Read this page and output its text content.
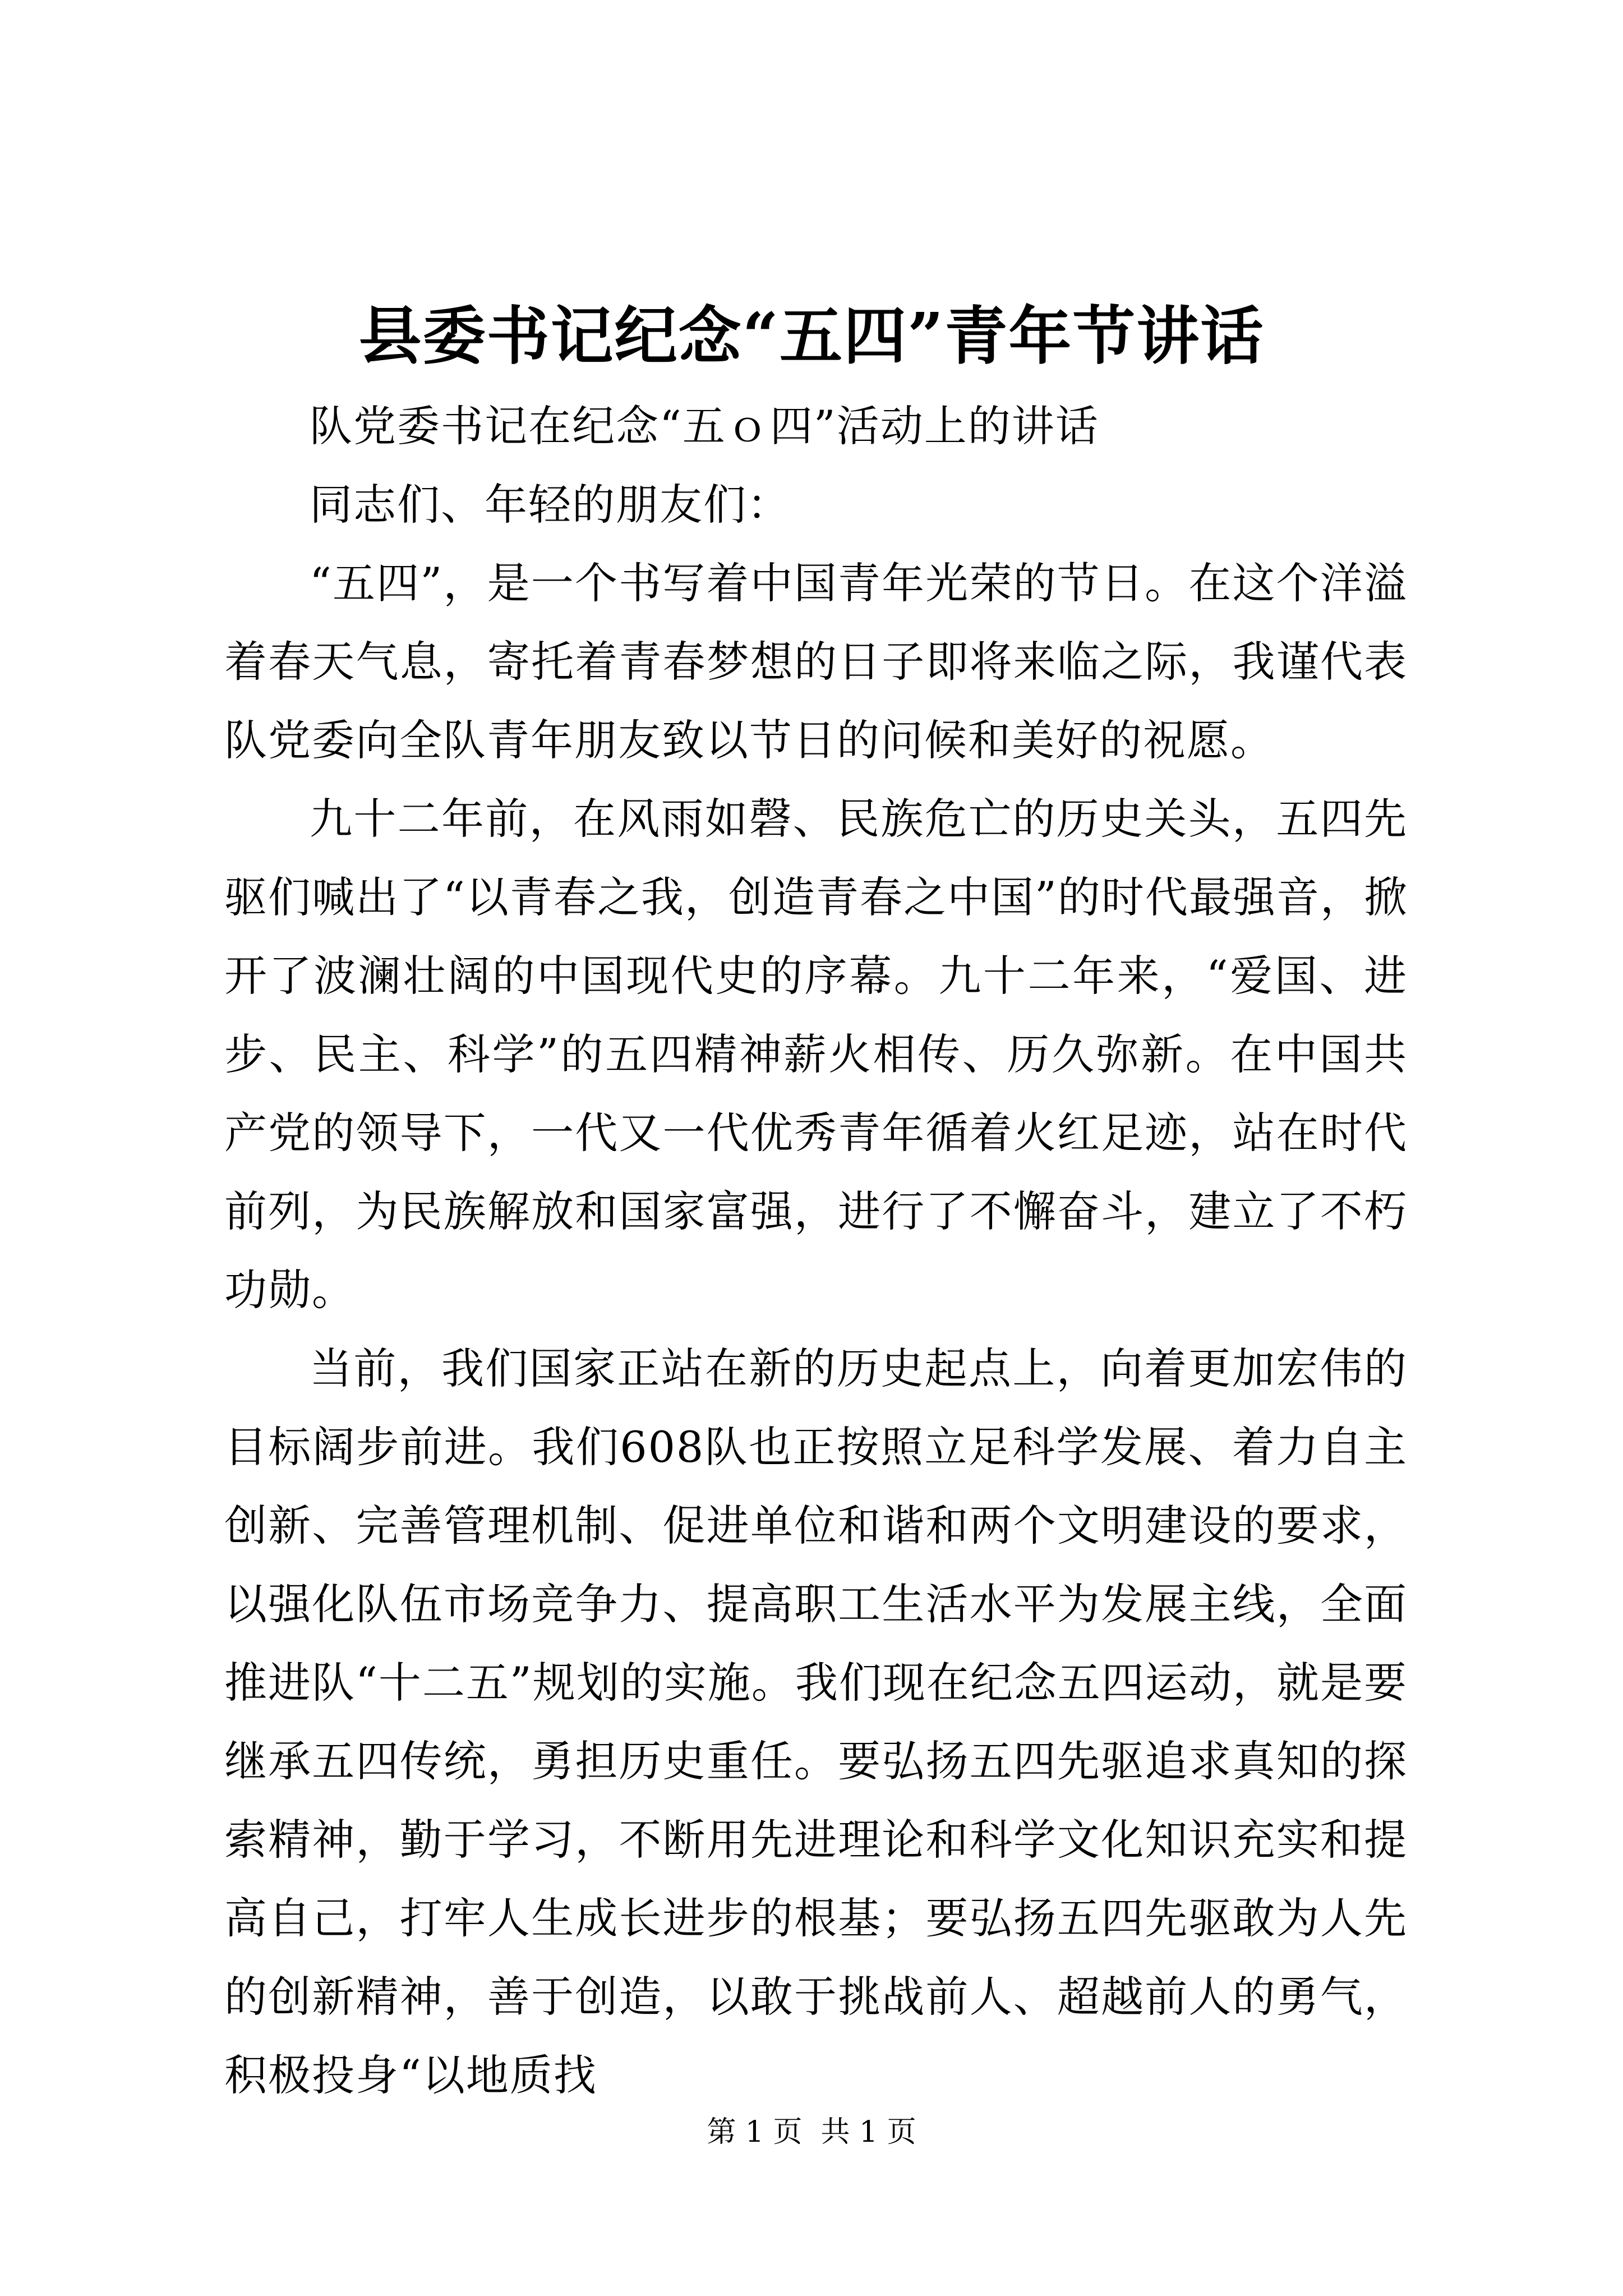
县委书记纪念“五四”青年节讲话

队党委书记在纪念“五ｏ四”活动上的讲话

同志们、年轻的朋友们：

“五四”，是一个书写着中国青年光荣的节日。在这个洋溢着春天气息，寄托着青春梦想的日子即将来临之际，我谨代表队党委向全队青年朋友致以节日的问候和美好的祝愿。

九十二年前，在风雨如磬、民族危亡的历史关头，五四先驱们喊出了“以青春之我，创造青春之中国”的时代最强音，掀开了波澜壮阔的中国现代史的序幕。九十二年来，“爱国、进步、民主、科学”的五四精神薪火相传、历久弥新。在中国共产党的领导下，一代又一代优秀青年循着火红足迹，站在时代前列，为民族解放和国家富强，进行了不懈奋斗，建立了不朽功勋。

当前，我们国家正站在新的历史起点上，向着更加宏伟的目标阔步前进。我们608队也正按照立足科学发展、着力自主创新、完善管理机制、促进单位和谐和两个文明建设的要求，以强化队伍市场竞争力、提高职工生活水平为发展主线，全面推进队“十二五”规划的实施。我们现在纪念五四运动，就是要继承五四传统，勇担历史重任。要弘扬五四先驱追求真知的探索精神，勤于学习，不断用先进理论和科学文化知识充实和提高自己，打牢人生成长进步的根基；要弘扬五四先驱敢为人先的创新精神，善于创造，以敢于挑战前人、超越前人的勇气，积极投身“以地质找

第 1 页  共 1 页
